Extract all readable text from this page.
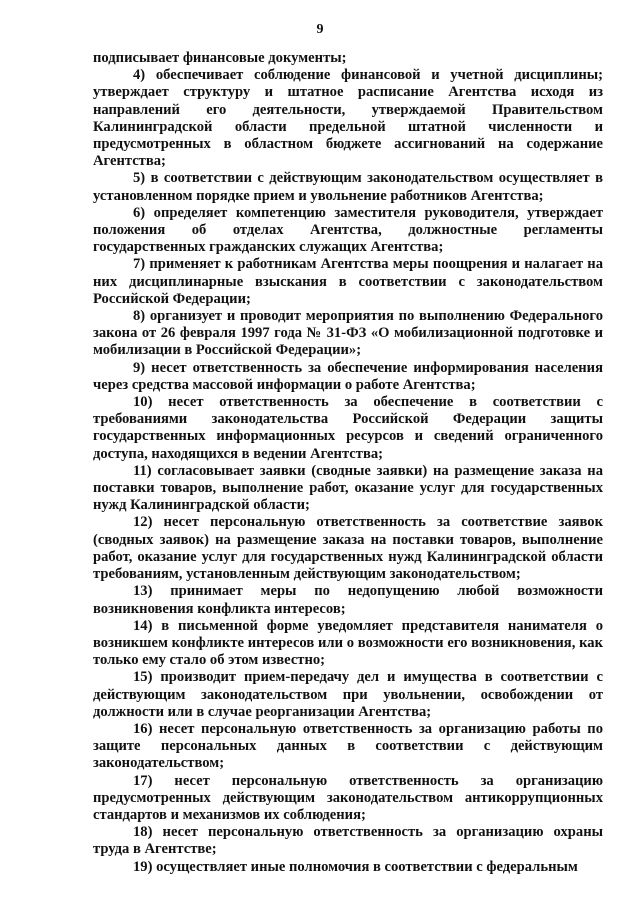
9

подписывает финансовые документы;

4) обеспечивает соблюдение финансовой и учетной дисциплины; утверждает структуру и штатное расписание Агентства исходя из направлений его деятельности, утверждаемой Правительством Калининградской области предельной штатной численности и предусмотренных в областном бюджете ассигнований на содержание Агентства;

5) в соответствии с действующим законодательством осуществляет в установленном порядке прием и увольнение работников Агентства;

6) определяет компетенцию заместителя руководителя, утверждает положения об отделах Агентства, должностные регламенты государственных гражданских служащих Агентства;

7) применяет к работникам Агентства меры поощрения и налагает на них дисциплинарные взыскания в соответствии с законодательством Российской Федерации;

8) организует и проводит мероприятия по выполнению Федерального закона от 26 февраля 1997 года № 31-ФЗ «О мобилизационной подготовке и мобилизации в Российской Федерации»;

9) несет ответственность за обеспечение информирования населения через средства массовой информации о работе Агентства;

10) несет ответственность за обеспечение в соответствии с требованиями законодательства Российской Федерации защиты государственных информационных ресурсов и сведений ограниченного доступа, находящихся в ведении Агентства;

11) согласовывает заявки (сводные заявки) на размещение заказа на поставки товаров, выполнение работ, оказание услуг для государственных нужд Калининградской области;

12) несет персональную ответственность за соответствие заявок (сводных заявок) на размещение заказа на поставки товаров, выполнение работ, оказание услуг для государственных нужд Калининградской области требованиям, установленным действующим законодательством;

13) принимает меры по недопущению любой возможности возникновения конфликта интересов;

14) в письменной форме уведомляет представителя нанимателя о возникшем конфликте интересов или о возможности его возникновения, как только ему стало об этом известно;

15) производит прием-передачу дел и имущества в соответствии с действующим законодательством при увольнении, освобождении от должности или в случае реорганизации Агентства;

16) несет персональную ответственность за организацию работы по защите персональных данных в соответствии с действующим законодательством;

17) несет персональную ответственность за организацию предусмотренных действующим законодательством антикоррупционных стандартов и механизмов их соблюдения;

18) несет персональную ответственность за организацию охраны труда в Агентстве;

19) осуществляет иные полномочия в соответствии с федеральным
